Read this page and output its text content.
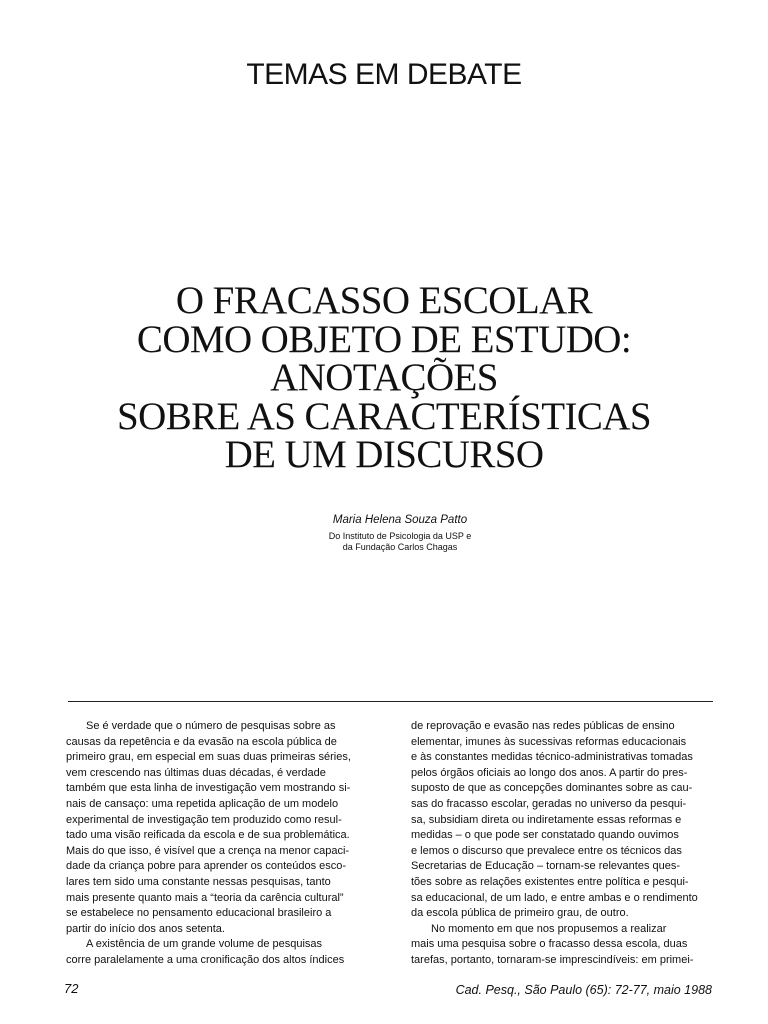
TEMAS EM DEBATE
O FRACASSO ESCOLAR
COMO OBJETO DE ESTUDO:
ANOTAÇÕES
SOBRE AS CARACTERÍSTICAS
DE UM DISCURSO
Maria Helena Souza Patto
Do Instituto de Psicologia da USP e
da Fundação Carlos Chagas
Se é verdade que o número de pesquisas sobre as
causas da repetência e da evasão na escola pública de
primeiro grau, em especial em suas duas primeiras séries,
vem crescendo nas últimas duas décadas, é verdade
também que esta linha de investigação vem mostrando si-
nais de cansaço: uma repetida aplicação de um modelo
experimental de investigação tem produzido como resul-
tado uma visão reificada da escola e de sua problemática.
Mais do que isso, é visível que a crença na menor capaci-
dade da criança pobre para aprender os conteúdos esco-
lares tem sido uma constante nessas pesquisas, tanto
mais presente quanto mais a “teoria da carência cultural”
se estabelece no pensamento educacional brasileiro a
partir do início dos anos setenta.
A existência de um grande volume de pesquisas
corre paralelamente a uma cronificação dos altos índices
de reprovação e evasão nas redes públicas de ensino
elementar, imunes às sucessivas reformas educacionais
e às constantes medidas técnico-administrativas tomadas
pelos órgãos oficiais ao longo dos anos. A partir do pres-
suposto de que as concepções dominantes sobre as cau-
sas do fracasso escolar, geradas no universo da pesqui-
sa, subsidiam direta ou indiretamente essas reformas e
medidas – o que pode ser constatado quando ouvimos
e lemos o discurso que prevalece entre os técnicos das
Secretarias de Educação – tornam-se relevantes ques-
tões sobre as relações existentes entre política e pesqui-
sa educacional, de um lado, e entre ambas e o rendimento
da escola pública de primeiro grau, de outro.
No momento em que nos propusemos a realizar
mais uma pesquisa sobre o fracasso dessa escola, duas
tarefas, portanto, tornaram-se imprescindíveis: em primei-
72	Cad. Pesq., São Paulo (65): 72-77, maio 1988
